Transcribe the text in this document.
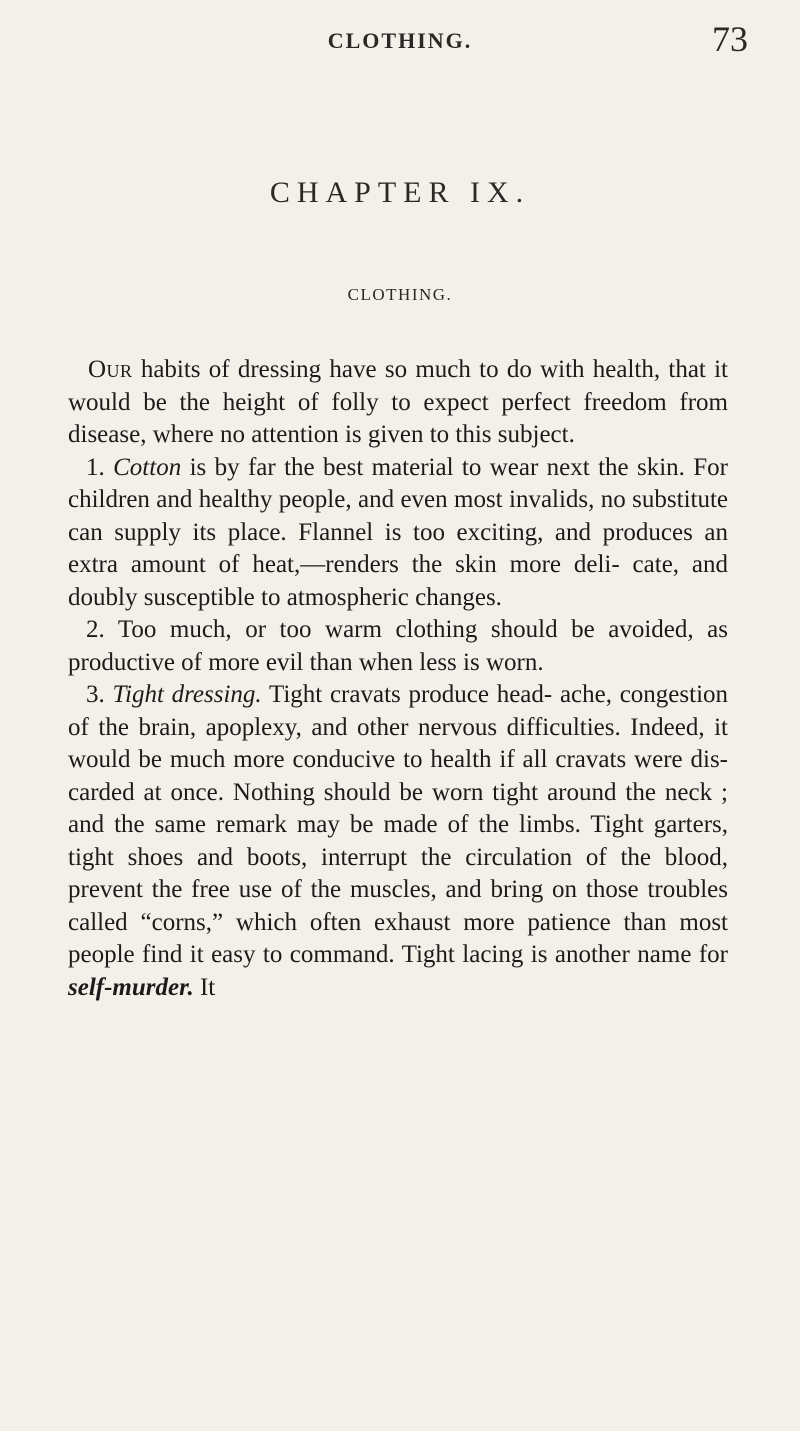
CLOTHING.	73
CHAPTER IX.
CLOTHING.

Our habits of dressing have so much to do with health, that it would be the height of folly to expect perfect freedom from disease, where no attention is given to this subject.

1. Cotton is by far the best material to wear next the skin. For children and healthy people, and even most invalids, no substitute can supply its place. Flannel is too exciting, and produces an extra amount of heat,—renders the skin more deli- cate, and doubly susceptible to atmospheric changes.

2. Too much, or too warm clothing should be avoided, as productive of more evil than when less is worn.

3. Tight dressing. Tight cravats produce head- ache, congestion of the brain, apoplexy, and other nervous difficulties. Indeed, it would be much more conducive to health if all cravats were dis- carded at once. Nothing should be worn tight around the neck ; and the same remark may be made of the limbs. Tight garters, tight shoes and boots, interrupt the circulation of the blood, prevent the free use of the muscles, and bring on those troubles called “corns,” which often exhaust more patience than most people find it easy to command. Tight lacing is another name for self-murder. It
